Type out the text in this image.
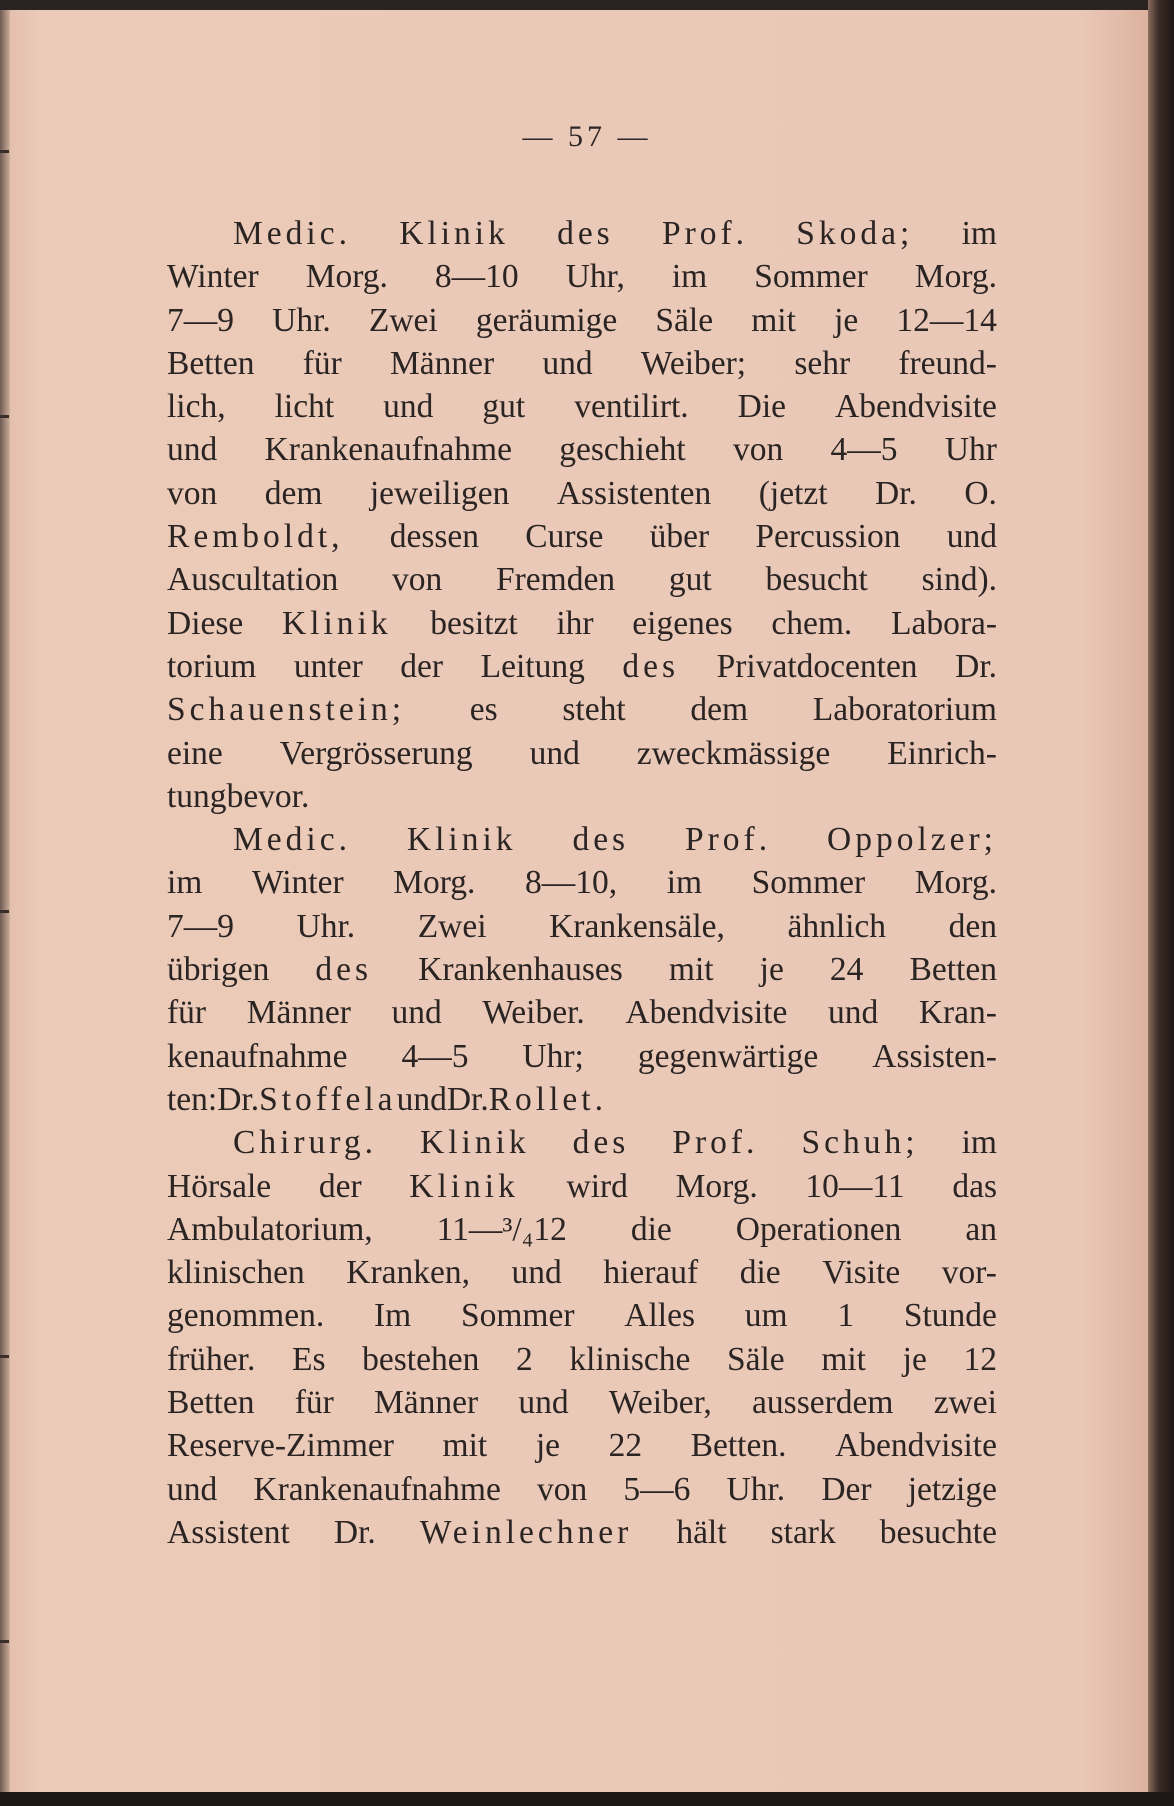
— 57 —
Medic. Klinik des Prof. Skoda; im
Winter Morg. 8—10 Uhr, im Sommer Morg.
7—9 Uhr. Zwei geräumige Säle mit je 12—14
Betten für Männer und Weiber; sehr freund-
lich, licht und gut ventilirt. Die Abendvisite
und Krankenaufnahme geschieht von 4—5 Uhr
von dem jeweiligen Assistenten (jetzt Dr. O.
Remboldt, dessen Curse über Percussion und
Auscultation von Fremden gut besucht sind).
Diese Klinik besitzt ihr eigenes chem. Labora-
torium unter der Leitung des Privatdocenten Dr.
Schauenstein; es steht dem Laboratorium
eine Vergrösserung und zweckmässige Einrich-
tung bevor.
Medic. Klinik des Prof. Oppolzer;
im Winter Morg. 8—10, im Sommer Morg.
7—9 Uhr. Zwei Krankensäle, ähnlich den
übrigen des Krankenhauses mit je 24 Betten
für Männer und Weiber. Abendvisite und Kran-
kenaufnahme 4—5 Uhr; gegenwärtige Assisten-
ten: Dr. Stoffela und Dr. Rollet.
Chirurg. Klinik des Prof. Schuh; im
Hörsale der Klinik wird Morg. 10—11 das
Ambulatorium, 11—³/₄12 die Operationen an
klinischen Kranken, und hierauf die Visite vor-
genommen. Im Sommer Alles um 1 Stunde
früher. Es bestehen 2 klinische Säle mit je 12
Betten für Männer und Weiber, ausserdem zwei
Reserve-Zimmer mit je 22 Betten. Abendvisite
und Krankenaufnahme von 5—6 Uhr. Der jetzige
Assistent Dr. Weinlechner hält stark besuchte
